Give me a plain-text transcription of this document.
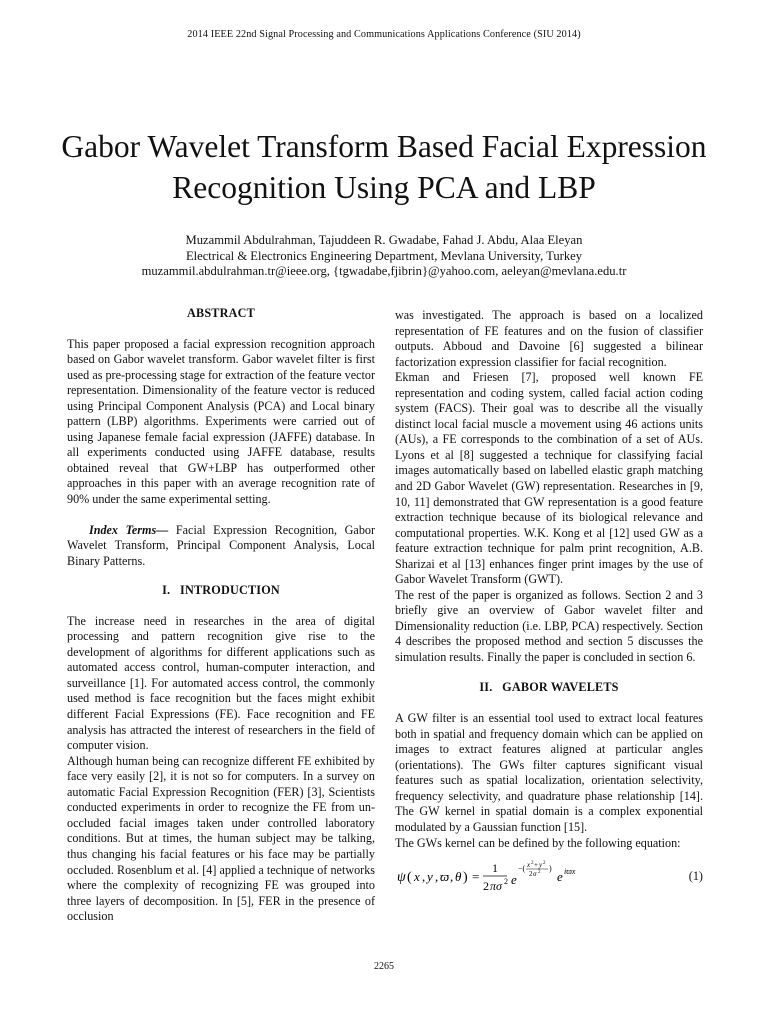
2014 IEEE 22nd Signal Processing and Communications Applications Conference (SIU 2014)
Gabor Wavelet Transform Based Facial Expression
Recognition Using PCA and LBP
Muzammil Abdulrahman, Tajuddeen R. Gwadabe, Fahad J. Abdu, Alaa Eleyan
Electrical & Electronics Engineering Department, Mevlana University, Turkey
muzammil.abdulrahman.tr@ieee.org, {tgwadabe,fjibrin}@yahoo.com, aeleyan@mevlana.edu.tr
ABSTRACT

This paper proposed a facial expression recognition approach based on Gabor wavelet transform. Gabor wavelet filter is first used as pre-processing stage for extraction of the feature vector representation. Dimensionality of the feature vector is reduced using Principal Component Analysis (PCA) and Local binary pattern (LBP) algorithms. Experiments were carried out of using Japanese female facial expression (JAFFE) database. In all experiments conducted using JAFFE database, results obtained reveal that GW+LBP has outperformed other approaches in this paper with an average recognition rate of 90% under the same experimental setting.

Index Terms— Facial Expression Recognition, Gabor Wavelet Transform, Principal Component Analysis, Local Binary Patterns.

I.   INTRODUCTION

The increase need in researches in the area of digital processing and pattern recognition give rise to the development of algorithms for different applications such as automated access control, human-computer interaction, and surveillance [1]. For automated access control, the commonly used method is face recognition but the faces might exhibit different Facial Expressions (FE). Face recognition and FE analysis has attracted the interest of researchers in the field of computer vision.

Although human being can recognize different FE exhibited by face very easily [2], it is not so for computers. In a survey on automatic Facial Expression Recognition (FER) [3], Scientists conducted experiments in order to recognize the FE from un-occluded facial images taken under controlled laboratory conditions. But at times, the human subject may be talking, thus changing his facial features or his face may be partially occluded. Rosenblum et al. [4] applied a technique of networks where the complexity of recognizing FE was grouped into three layers of decomposition. In [5], FER in the presence of occlusion

was investigated. The approach is based on a localized representation of FE features and on the fusion of classifier outputs. Abboud and Davoine [6] suggested a bilinear factorization expression classifier for facial recognition.

Ekman and Friesen [7], proposed well known FE representation and coding system, called facial action coding system (FACS). Their goal was to describe all the visually distinct local facial muscle a movement using 46 actions units (AUs), a FE corresponds to the combination of a set of AUs. Lyons et al [8] suggested a technique for classifying facial images automatically based on labelled elastic graph matching and 2D Gabor Wavelet (GW) representation. Researches in [9, 10, 11] demonstrated that GW representation is a good feature extraction technique because of its biological relevance and computational properties. W.K. Kong et al [12] used GW as a feature extraction technique for palm print recognition, A.B. Sharizai et al [13] enhances finger print images by the use of Gabor Wavelet Transform (GWT).

The rest of the paper is organized as follows. Section 2 and 3 briefly give an overview of Gabor wavelet filter and Dimensionality reduction (i.e. LBP, PCA) respectively. Section 4 describes the proposed method and section 5 discusses the simulation results. Finally the paper is concluded in section 6.

II.   GABOR WAVELETS

A GW filter is an essential tool used to extract local features both in spatial and frequency domain which can be applied on images to extract features aligned at particular angles (orientations). The GWs filter captures significant visual features such as spatial localization, orientation selectivity, frequency selectivity, and quadrature phase relationship [14]. The GW kernel in spatial domain is a complex exponential modulated by a Gaussian function [15].

The GWs kernel can be defined by the following equation:

ψ ( x , y , ϖ , θ ) =
1
2 πσ 2 e
−( x 2 + y 2
2 σ 2 )
e iϖx	(1)
2265
